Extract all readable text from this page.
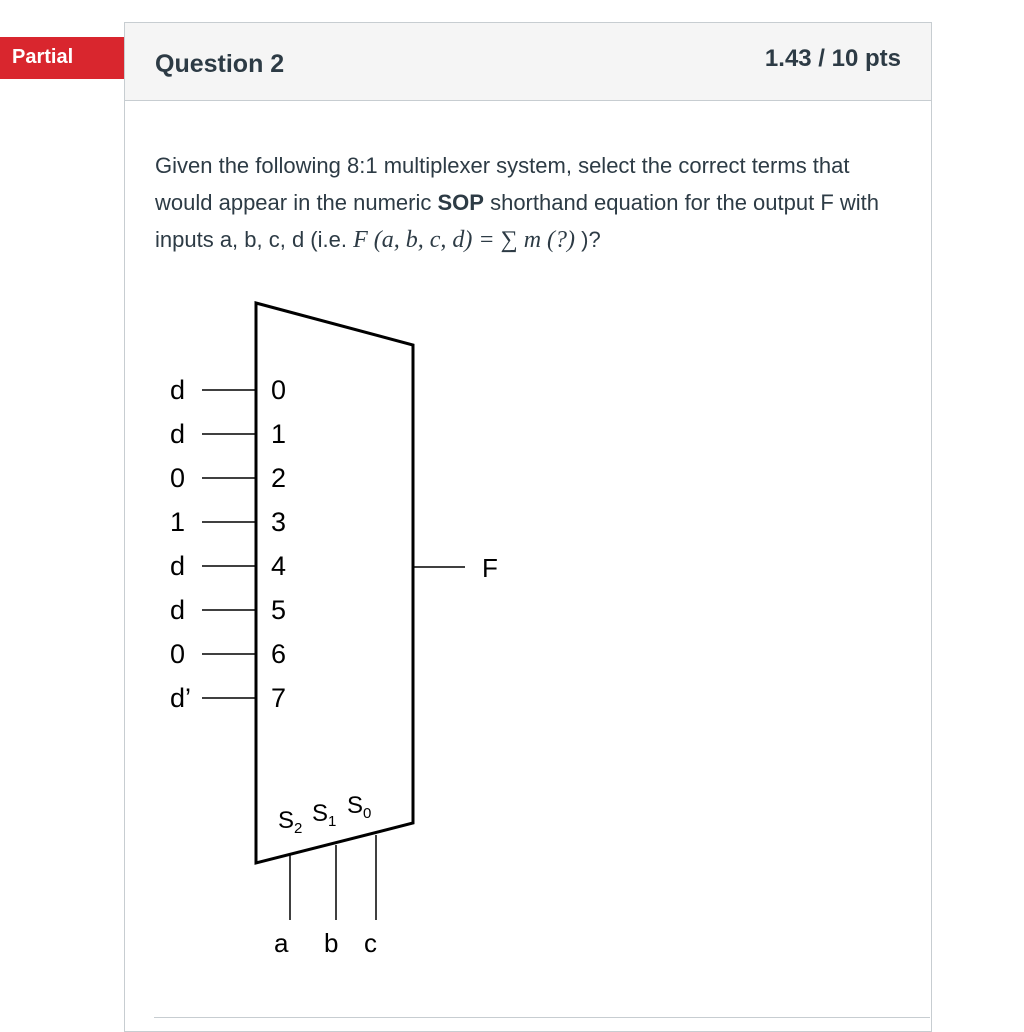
Partial	Question 2	1.43 / 10 pts
Given the following 8:1 multiplexer system, select the correct terms that would appear in the numeric SOP shorthand equation for the output F with inputs a, b, c, d (i.e. F (a, b, c, d) = ∑ m (?) )?
F
d	0
d	1
0	2
1	3
d	4
d	5
0	6
d’	7
$S_2$
a
$S_1$
b
$S_0$
c
